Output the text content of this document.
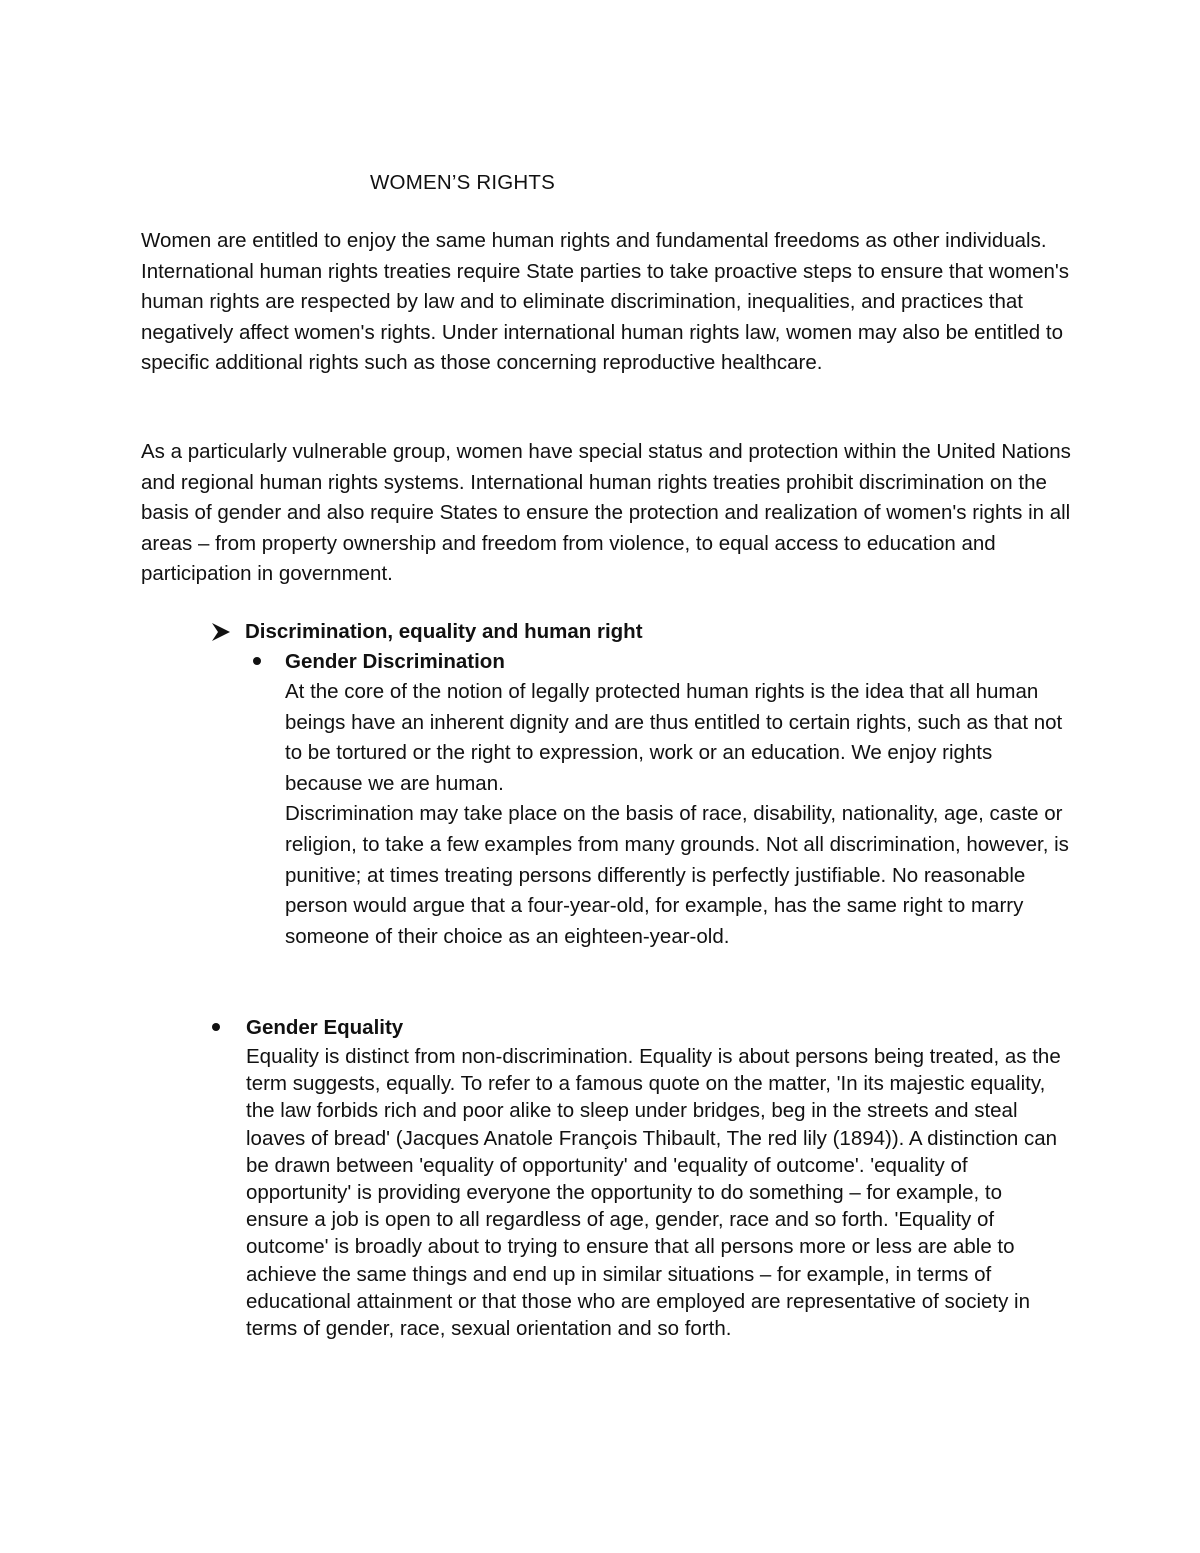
WOMEN’S RIGHTS

Women are entitled to enjoy the same human rights and fundamental freedoms as other individuals. International human rights treaties require State parties to take proactive steps to ensure that women's human rights are respected by law and to eliminate discrimination, inequalities, and practices that negatively affect women's rights. Under international human rights law, women may also be entitled to specific additional rights such as those concerning reproductive healthcare.

As a particularly vulnerable group, women have special status and protection within the United Nations and regional human rights systems. International human rights treaties prohibit discrimination on the basis of gender and also require States to ensure the protection and realization of women's rights in all areas – from property ownership and freedom from violence, to equal access to education and participation in government.

Discrimination, equality and human right
Gender Discrimination

At the core of the notion of legally protected human rights is the idea that all human beings have an inherent dignity and are thus entitled to certain rights, such as that not to be tortured or the right to expression, work or an education. We enjoy rights because we are human.

Discrimination may take place on the basis of race, disability, nationality, age, caste or religion, to take a few examples from many grounds. Not all discrimination, however, is punitive; at times treating persons differently is perfectly justifiable. No reasonable person would argue that a four-year-old, for example, has the same right to marry someone of their choice as an eighteen-year-old.

Gender Equality

Equality is distinct from non-discrimination. Equality is about persons being treated, as the term suggests, equally. To refer to a famous quote on the matter, 'In its majestic equality, the law forbids rich and poor alike to sleep under bridges, beg in the streets and steal loaves of bread' (Jacques Anatole François Thibault, The red lily (1894)). A distinction can be drawn between 'equality of opportunity' and 'equality of outcome'. 'equality of opportunity' is providing everyone the opportunity to do something – for example, to ensure a job is open to all regardless of age, gender, race and so forth. 'Equality of outcome' is broadly about to trying to ensure that all persons more or less are able to achieve the same things and end up in similar situations – for example, in terms of educational attainment or that those who are employed are representative of society in terms of gender, race, sexual orientation and so forth.
